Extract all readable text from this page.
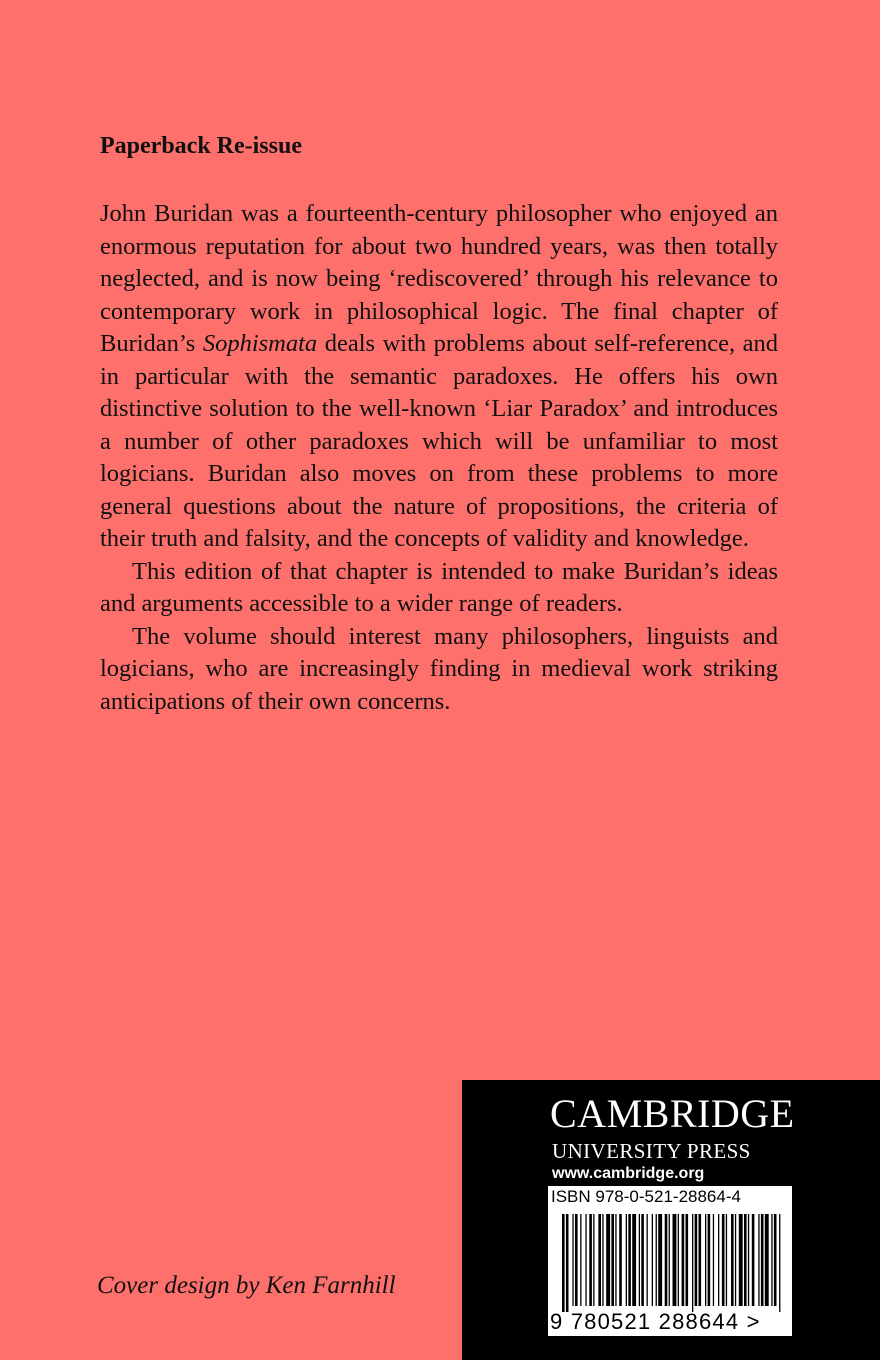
Paperback Re-issue

John Buridan was a fourteenth-century philosopher who enjoyed an enormous reputation for about two hundred years, was then totally neglected, and is now being ‘rediscovered’ through his relevance to contemporary work in philosophical logic. The final chapter of Buridan’s Sophismata deals with problems about self-reference, and in particular with the semantic paradoxes. He offers his own distinctive solution to the well-known ‘Liar Paradox’ and introduces a number of other paradoxes which will be unfamiliar to most logicians. Buridan also moves on from these problems to more general questions about the nature of propositions, the criteria of their truth and falsity, and the concepts of validity and knowledge.

This edition of that chapter is intended to make Buridan’s ideas and arguments accessible to a wider range of readers.

The volume should interest many philosophers, linguists and logicians, who are increasingly finding in medieval work striking anticipations of their own concerns.

Cover design by Ken Farnhill
CAMBRIDGE
UNIVERSITY PRESS
www.cambridge.org
ISBN 978-0-521-28864-4
9 780521 288644 >
